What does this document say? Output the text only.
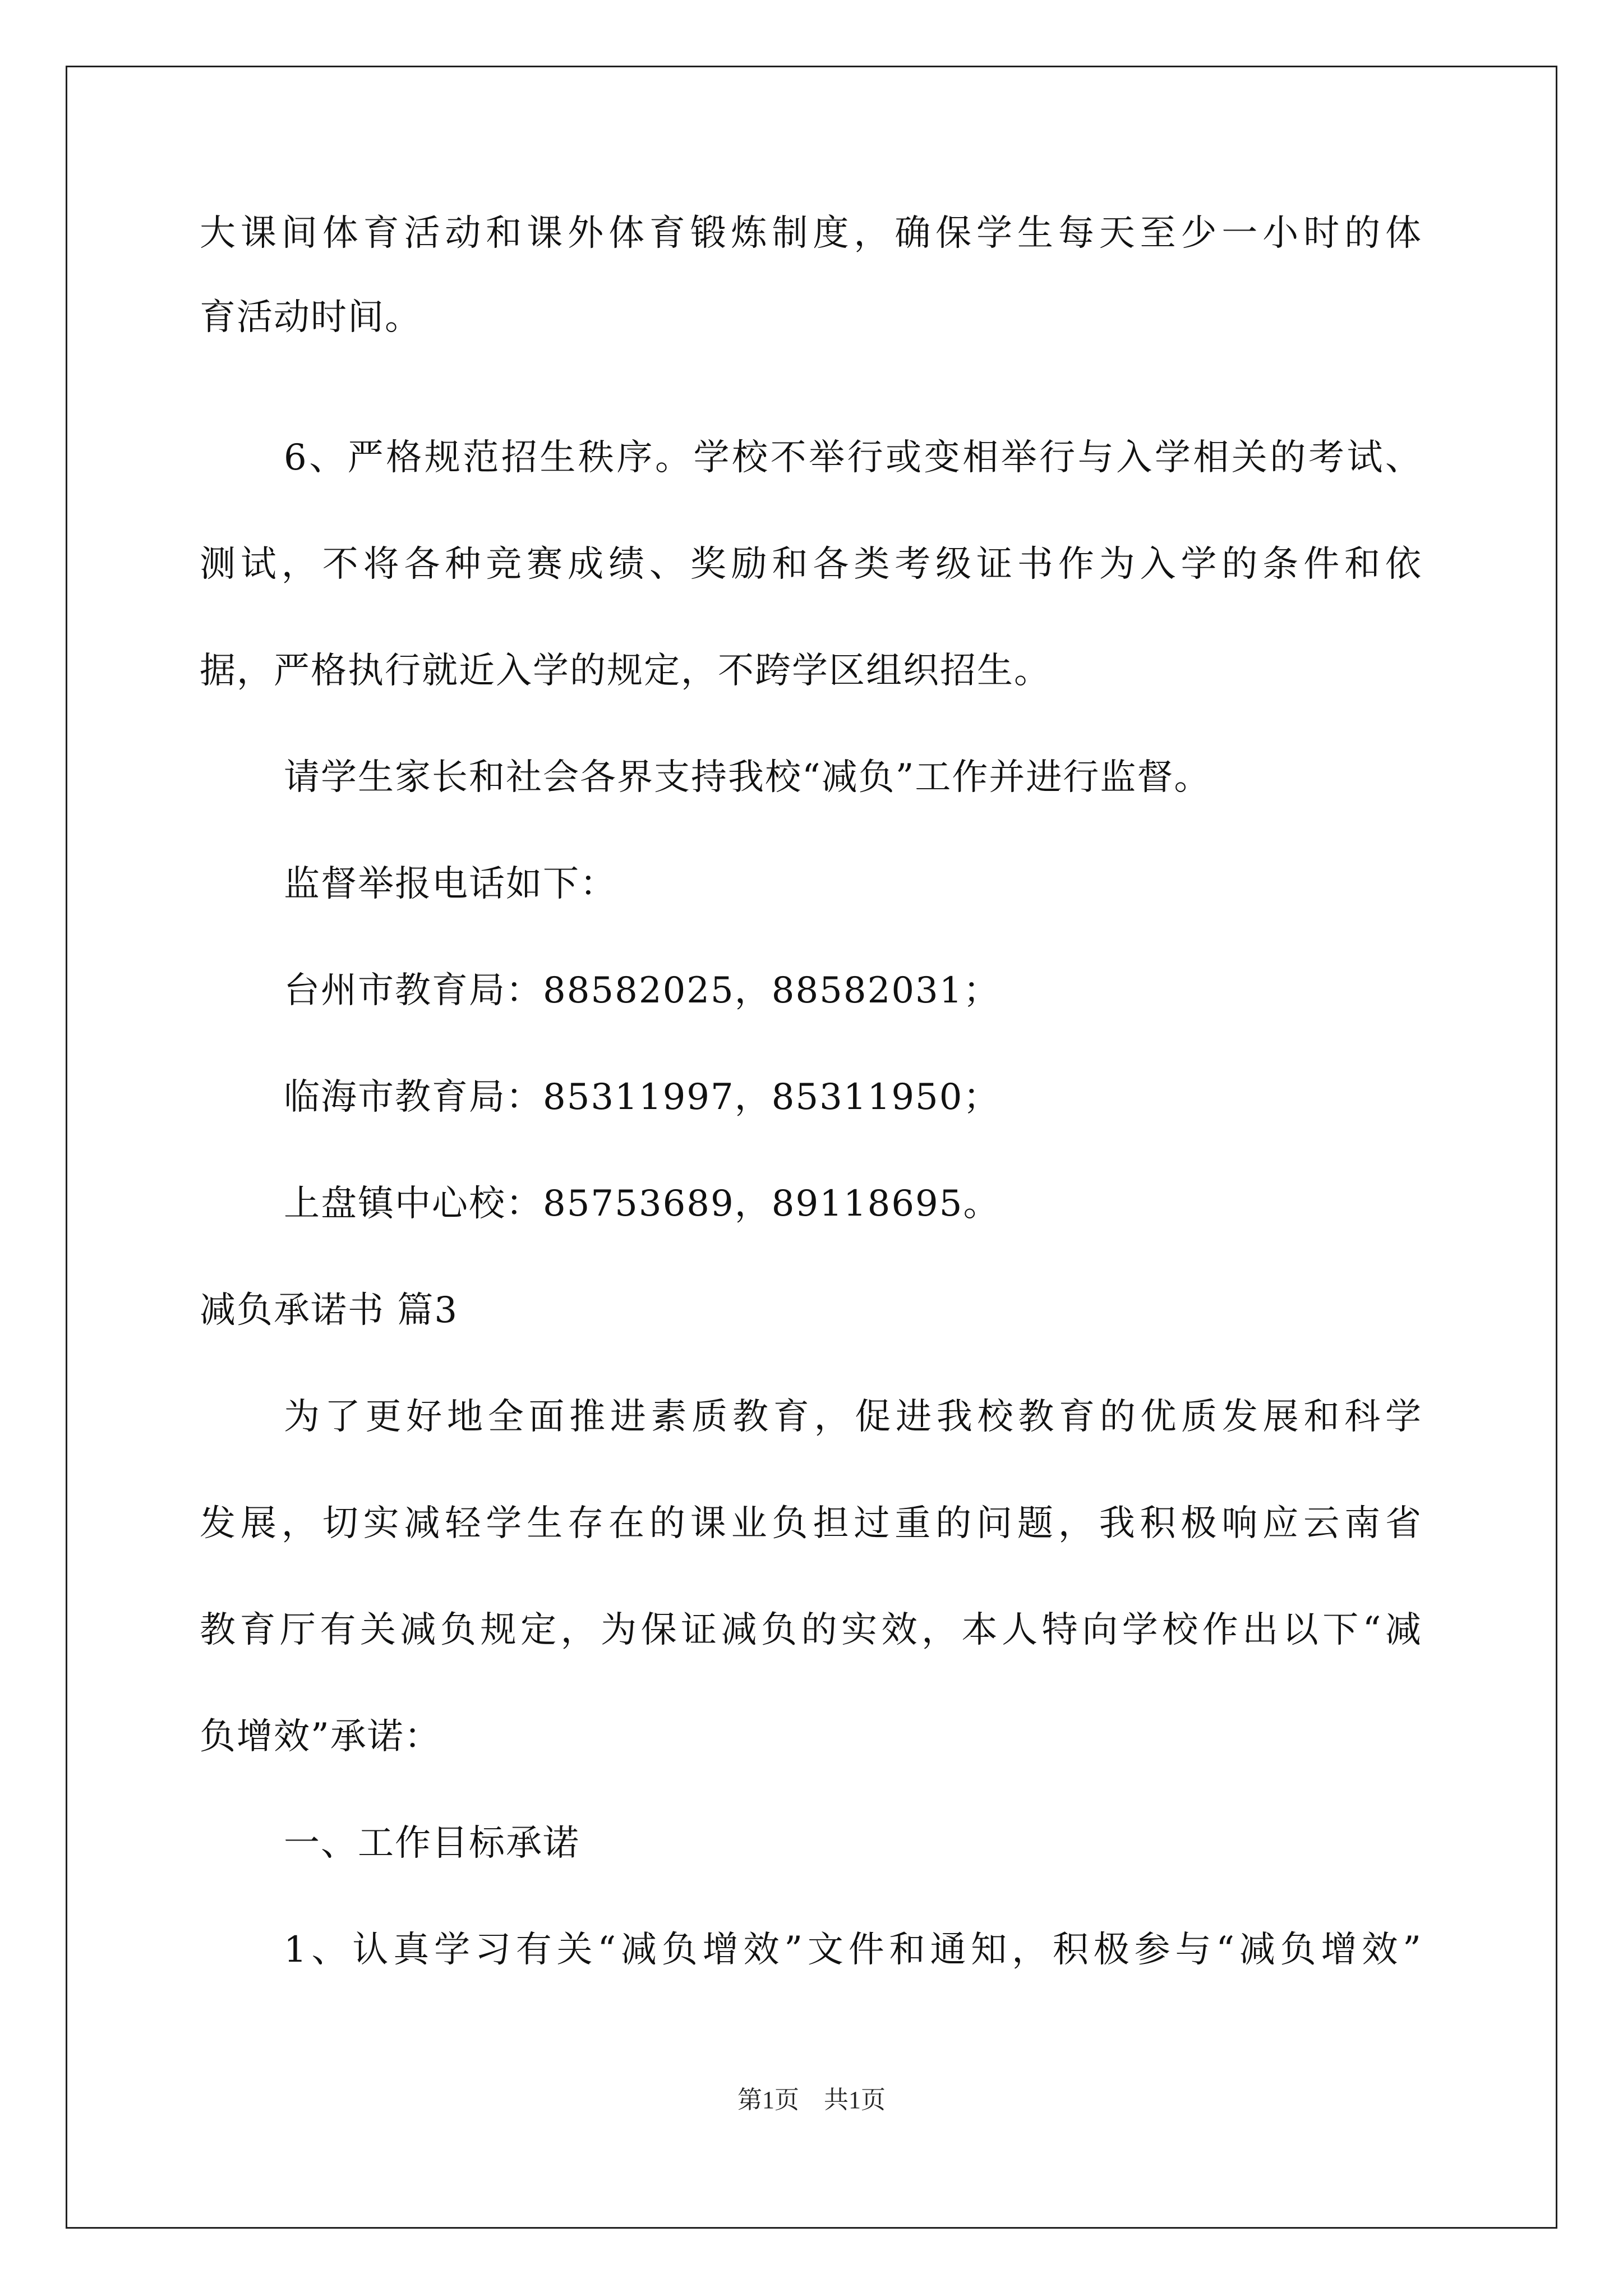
大课间体育活动和课外体育锻炼制度，确保学生每天至少一小时的体
育活动时间。
6、严格规范招生秩序。学校不举行或变相举行与入学相关的考试、
测试，不将各种竞赛成绩、奖励和各类考级证书作为入学的条件和依
据，严格执行就近入学的规定，不跨学区组织招生。
请学生家长和社会各界支持我校“减负”工作并进行监督。
监督举报电话如下：
台州市教育局：88582025，88582031；
临海市教育局：85311997，85311950；
上盘镇中心校：85753689，89118695。
减负承诺书 篇3
为了更好地全面推进素质教育，促进我校教育的优质发展和科学
发展，切实减轻学生存在的课业负担过重的问题，我积极响应云南省
教育厅有关减负规定，为保证减负的实效，本人特向学校作出以下“减
负增效”承诺：
一、工作目标承诺
1、认真学习有关“减负增效”文件和通知，积极参与“减负增效”
第1页　共1页
